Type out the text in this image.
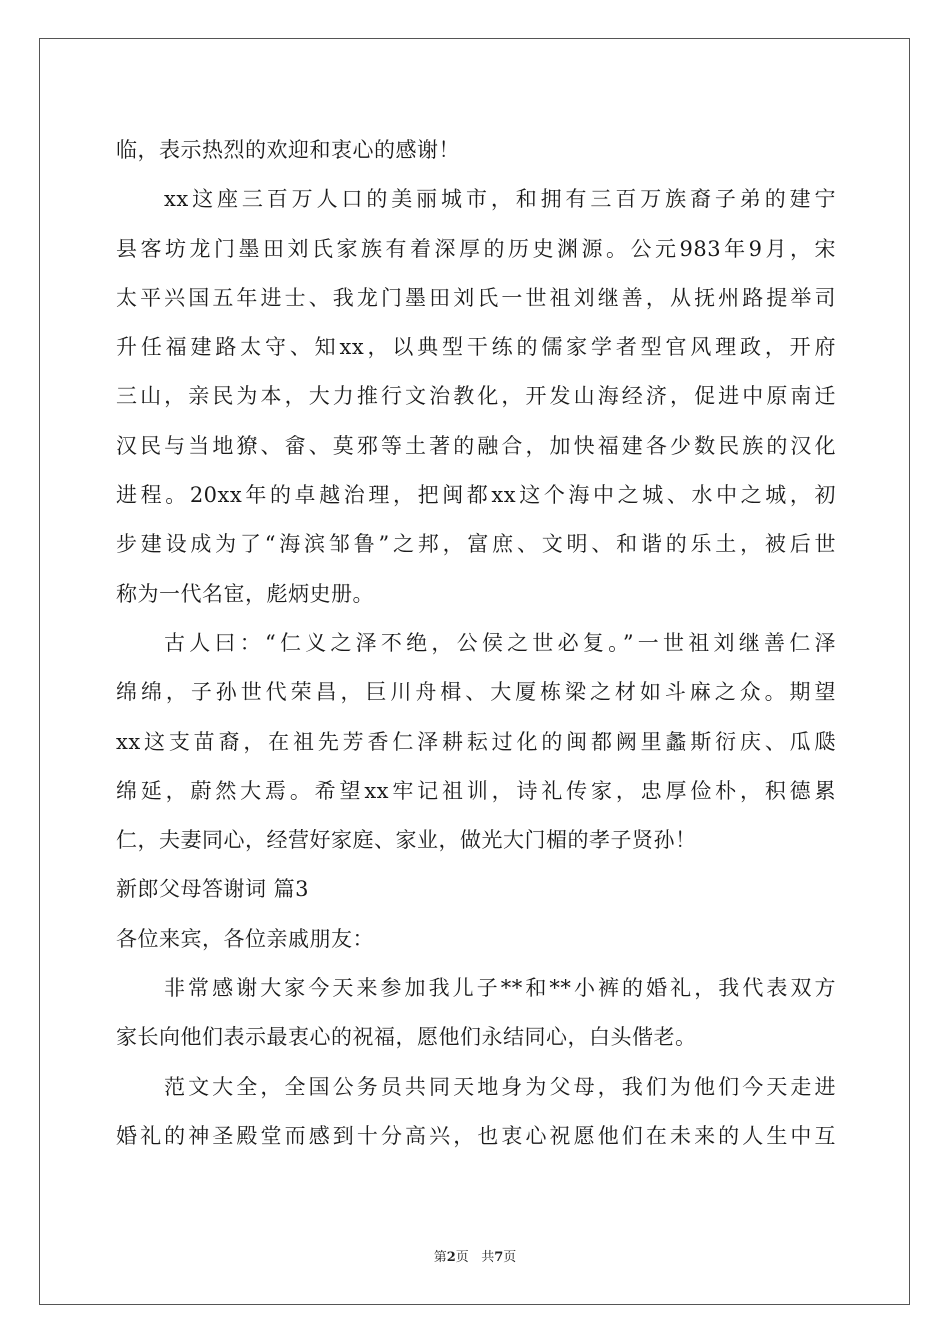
临，表示热烈的欢迎和衷心的感谢！
xx这座三百万人口的美丽城市，和拥有三百万族裔子弟的建宁
县客坊龙门墨田刘氏家族有着深厚的历史渊源。公元983年9月，宋
太平兴国五年进士、我龙门墨田刘氏一世祖刘继善，从抚州路提举司
升任福建路太守、知xx，以典型干练的儒家学者型官风理政，开府
三山，亲民为本，大力推行文治教化，开发山海经济，促进中原南迁
汉民与当地獠、畲、莫邪等土著的融合，加快福建各少数民族的汉化
进程。20xx年的卓越治理，把闽都xx这个海中之城、水中之城，初
步建设成为了“海滨邹鲁”之邦，富庶、文明、和谐的乐土，被后世
称为一代名宦，彪炳史册。
古人曰：“仁义之泽不绝，公侯之世必复。”一世祖刘继善仁泽
绵绵，子孙世代荣昌，巨川舟楫、大厦栋梁之材如斗麻之众。期望
xx这支苗裔，在祖先芳香仁泽耕耘过化的闽都阙里蠡斯衍庆、瓜瓞
绵延，蔚然大焉。希望xx牢记祖训，诗礼传家，忠厚俭朴，积德累
仁，夫妻同心，经营好家庭、家业，做光大门楣的孝子贤孙！
新郎父母答谢词 篇3
各位来宾，各位亲戚朋友：
非常感谢大家今天来参加我儿子**和**小裤的婚礼，我代表双方
家长向他们表示最衷心的祝福，愿他们永结同心，白头偕老。
范文大全，全国公务员共同天地身为父母，我们为他们今天走进
婚礼的神圣殿堂而感到十分高兴，也衷心祝愿他们在未来的人生中互
第2页 共7页
